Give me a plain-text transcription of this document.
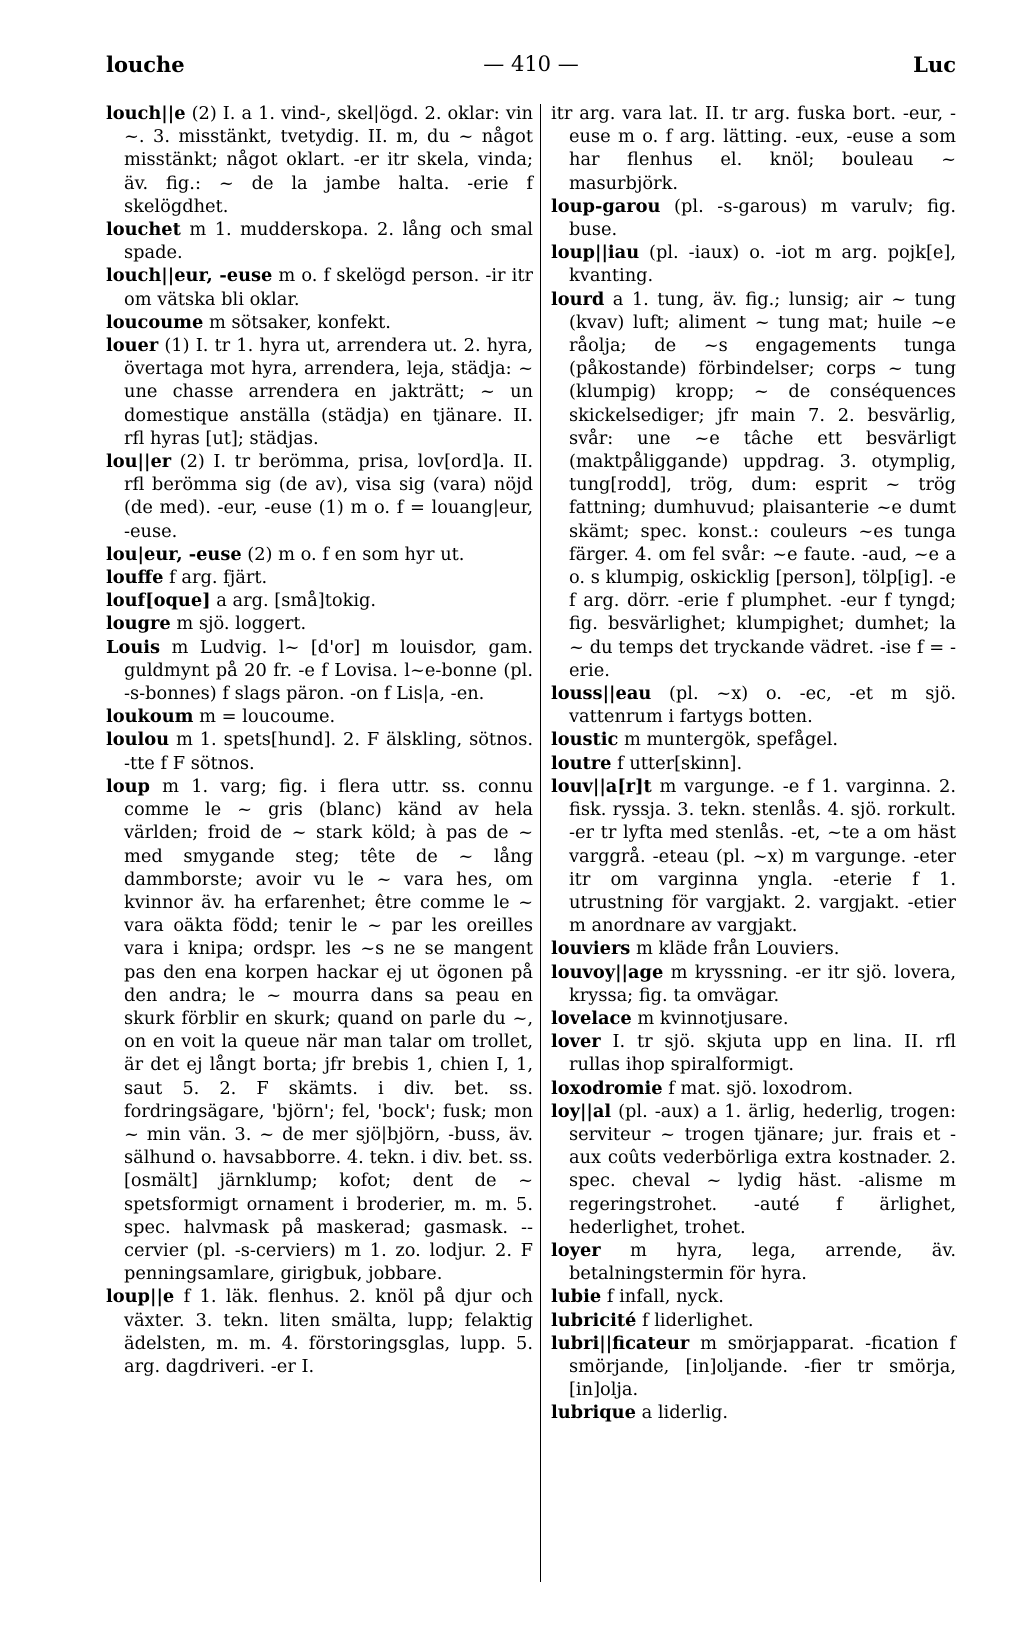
louche	— 410 —	Luc

louch||e (2) I. a 1. vind-, skel|ögd. 2. oklar: vin ~. 3. misstänkt, tvetydig. II. m, du ~ något misstänkt; något oklart. -er itr skela, vinda; äv. fig.: ~ de la jambe halta. -erie f skelögdhet.

louchet m 1. mudderskopa. 2. lång och smal spade.

louch||eur, -euse m o. f skelögd person. -ir itr om vätska bli oklar.

loucoume m sötsaker, konfekt.

louer (1) I. tr 1. hyra ut, arrendera ut. 2. hyra, övertaga mot hyra, arrendera, leja, städja: ~ une chasse arrendera en jakträtt; ~ un domestique anställa (städja) en tjänare. II. rfl hyras [ut]; städjas.

lou||er (2) I. tr berömma, prisa, lov[ord]a. II. rfl berömma sig (de av), visa sig (vara) nöjd (de med). -eur, -euse (1) m o. f = louang|eur, -euse.

lou|eur, -euse (2) m o. f en som hyr ut.

louffe f arg. fjärt.

louf[oque] a arg. [små]tokig.

lougre m sjö. loggert.

Louis m Ludvig. l~ [d'or] m louisdor, gam. guldmynt på 20 fr. -e f Lovisa. l~e-bonne (pl. -s-bonnes) f slags päron. -on f Lis|a, -en.

loukoum m = loucoume.

loulou m 1. spets[hund]. 2. F älskling, sötnos. -tte f F sötnos.

loup m 1. varg; fig. i flera uttr. ss. connu comme le ~ gris (blanc) känd av hela världen; froid de ~ stark köld; à pas de ~ med smygande steg; tête de ~ lång dammborste; avoir vu le ~ vara hes, om kvinnor äv. ha erfarenhet; être comme le ~ vara oäkta född; tenir le ~ par les oreilles vara i knipa; ordspr. les ~s ne se mangent pas den ena korpen hackar ej ut ögonen på den andra; le ~ mourra dans sa peau en skurk förblir en skurk; quand on parle du ~, on en voit la queue när man talar om trollet, är det ej långt borta; jfr brebis 1, chien I, 1, saut 5. 2. F skämts. i div. bet. ss. fordringsägare, 'björn'; fel, 'bock'; fusk; mon ~ min vän. 3. ~ de mer sjö|björn, -buss, äv. sälhund o. havsabborre. 4. tekn. i div. bet. ss. [osmält] järnklump; kofot; dent de ~ spetsformigt ornament i broderier, m. m. 5. spec. halvmask på maskerad; gasmask. --cervier (pl. -s-cerviers) m 1. zo. lodjur. 2. F penningsamlare, girigbuk, jobbare.

loup||e f 1. läk. flenhus. 2. knöl på djur och växter. 3. tekn. liten smälta, lupp; felaktig ädelsten, m. m. 4. förstoringsglas, lupp. 5. arg. dagdriveri. -er I.

itr arg. vara lat. II. tr arg. fuska bort. -eur, -euse m o. f arg. lätting. -eux, -euse a som har flenhus el. knöl; bouleau ~ masurbjörk.

loup-garou (pl. -s-garous) m varulv; fig. buse.

loup||iau (pl. -iaux) o. -iot m arg. pojk[e], kvanting.

lourd a 1. tung, äv. fig.; lunsig; air ~ tung (kvav) luft; aliment ~ tung mat; huile ~e råolja; de ~s engagements tunga (påkostande) förbindelser; corps ~ tung (klumpig) kropp; ~ de conséquences skickelsediger; jfr main 7. 2. besvärlig, svår: une ~e tâche ett besvärligt (maktpåliggande) uppdrag. 3. otymplig, tung[rodd], trög, dum: esprit ~ trög fattning; dumhuvud; plaisanterie ~e dumt skämt; spec. konst.: couleurs ~es tunga färger. 4. om fel svår: ~e faute. -aud, ~e a o. s klumpig, oskicklig [person], tölp[ig]. -e f arg. dörr. -erie f plumphet. -eur f tyngd; fig. besvärlighet; klumpighet; dumhet; la ~ du temps det tryckande vädret. -ise f = -erie.

louss||eau (pl. ~x) o. -ec, -et m sjö. vattenrum i fartygs botten.

loustic m muntergök, spefågel.

loutre f utter[skinn].

louv||a[r]t m vargunge. -e f 1. varginna. 2. fisk. ryssja. 3. tekn. stenlås. 4. sjö. rorkult. -er tr lyfta med stenlås. -et, ~te a om häst varggrå. -eteau (pl. ~x) m vargunge. -eter itr om varginna yngla. -eterie f 1. utrustning för vargjakt. 2. vargjakt. -etier m anordnare av vargjakt.

louviers m kläde från Louviers.

louvoy||age m kryssning. -er itr sjö. lovera, kryssa; fig. ta omvägar.

lovelace m kvinnotjusare.

lover I. tr sjö. skjuta upp en lina. II. rfl rullas ihop spiralformigt.

loxodromie f mat. sjö. loxodrom.

loy||al (pl. -aux) a 1. ärlig, hederlig, trogen: serviteur ~ trogen tjänare; jur. frais et -aux coûts vederbörliga extra kostnader. 2. spec. cheval ~ lydig häst. -alisme m regeringstrohet. -auté f ärlighet, hederlighet, trohet.

loyer m hyra, lega, arrende, äv. betalningstermin för hyra.

lubie f infall, nyck.

lubricité f liderlighet.

lubri||ficateur m smörjapparat. -fication f smörjande, [in]oljande. -fier tr smörja, [in]olja.

lubrique a liderlig.
